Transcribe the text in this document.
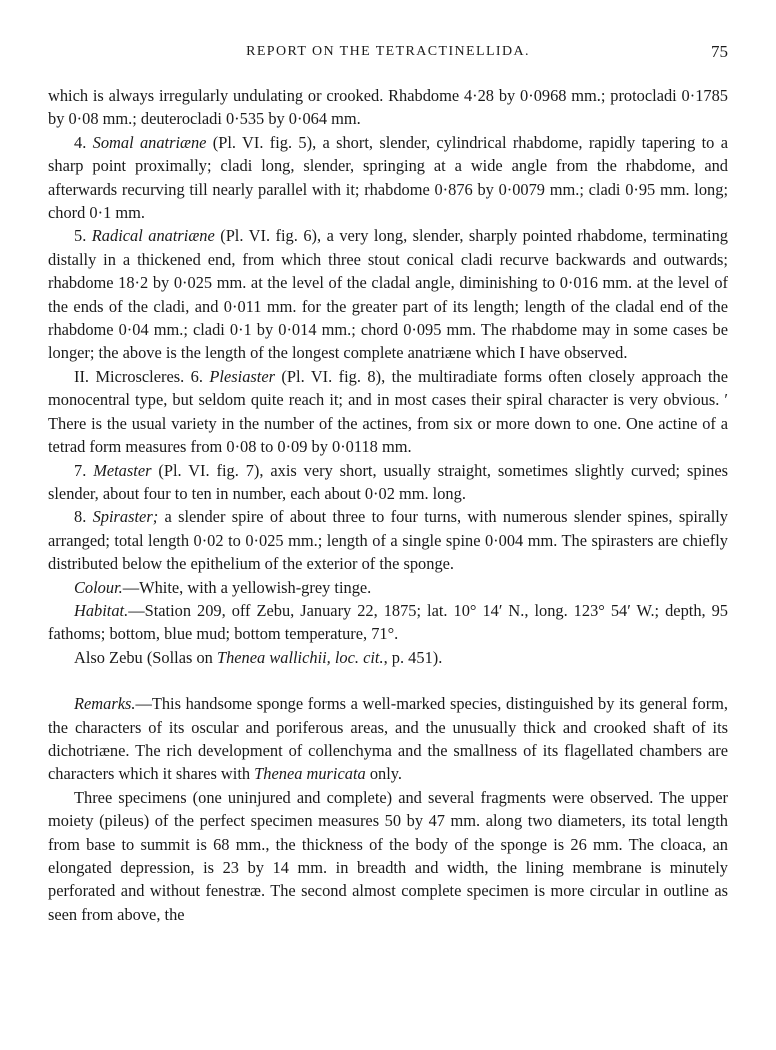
REPORT ON THE TETRACTINELLIDA.	75

which is always irregularly undulating or crooked. Rhabdome 4·28 by 0·0968 mm.; protocladi 0·1785 by 0·08 mm.; deuterocladi 0·535 by 0·064 mm.

4. Somal anatriæne (Pl. VI. fig. 5), a short, slender, cylindrical rhabdome, rapidly tapering to a sharp point proximally; cladi long, slender, springing at a wide angle from the rhabdome, and afterwards recurving till nearly parallel with it; rhabdome 0·876 by 0·0079 mm.; cladi 0·95 mm. long; chord 0·1 mm.

5. Radical anatriæne (Pl. VI. fig. 6), a very long, slender, sharply pointed rhabdome, terminating distally in a thickened end, from which three stout conical cladi recurve backwards and outwards; rhabdome 18·2 by 0·025 mm. at the level of the cladal angle, diminishing to 0·016 mm. at the level of the ends of the cladi, and 0·011 mm. for the greater part of its length; length of the cladal end of the rhabdome 0·04 mm.; cladi 0·1 by 0·014 mm.; chord 0·095 mm. The rhabdome may in some cases be longer; the above is the length of the longest complete anatriæne which I have observed.

II. Microscleres. 6. Plesiaster (Pl. VI. fig. 8), the multiradiate forms often closely approach the monocentral type, but seldom quite reach it; and in most cases their spiral character is very obvious. ʹ There is the usual variety in the number of the actines, from six or more down to one. One actine of a tetrad form measures from 0·08 to 0·09 by 0·0118 mm.

7. Metaster (Pl. VI. fig. 7), axis very short, usually straight, sometimes slightly curved; spines slender, about four to ten in number, each about 0·02 mm. long.

8. Spiraster; a slender spire of about three to four turns, with numerous slender spines, spirally arranged; total length 0·02 to 0·025 mm.; length of a single spine 0·004 mm. The spirasters are chiefly distributed below the epithelium of the exterior of the sponge.

Colour.—White, with a yellowish-grey tinge.

Habitat.—Station 209, off Zebu, January 22, 1875; lat. 10° 14′ N., long. 123° 54′ W.; depth, 95 fathoms; bottom, blue mud; bottom temperature, 71°.

Also Zebu (Sollas on Thenea wallichii, loc. cit., p. 451).

Remarks.—This handsome sponge forms a well-marked species, distinguished by its general form, the characters of its oscular and poriferous areas, and the unusually thick and crooked shaft of its dichotriæne. The rich development of collenchyma and the smallness of its flagellated chambers are characters which it shares with Thenea muricata only.

Three specimens (one uninjured and complete) and several fragments were observed. The upper moiety (pileus) of the perfect specimen measures 50 by 47 mm. along two diameters, its total length from base to summit is 68 mm., the thickness of the body of the sponge is 26 mm. The cloaca, an elongated depression, is 23 by 14 mm. in breadth and width, the lining membrane is minutely perforated and without fenestræ. The second almost complete specimen is more circular in outline as seen from above, the
